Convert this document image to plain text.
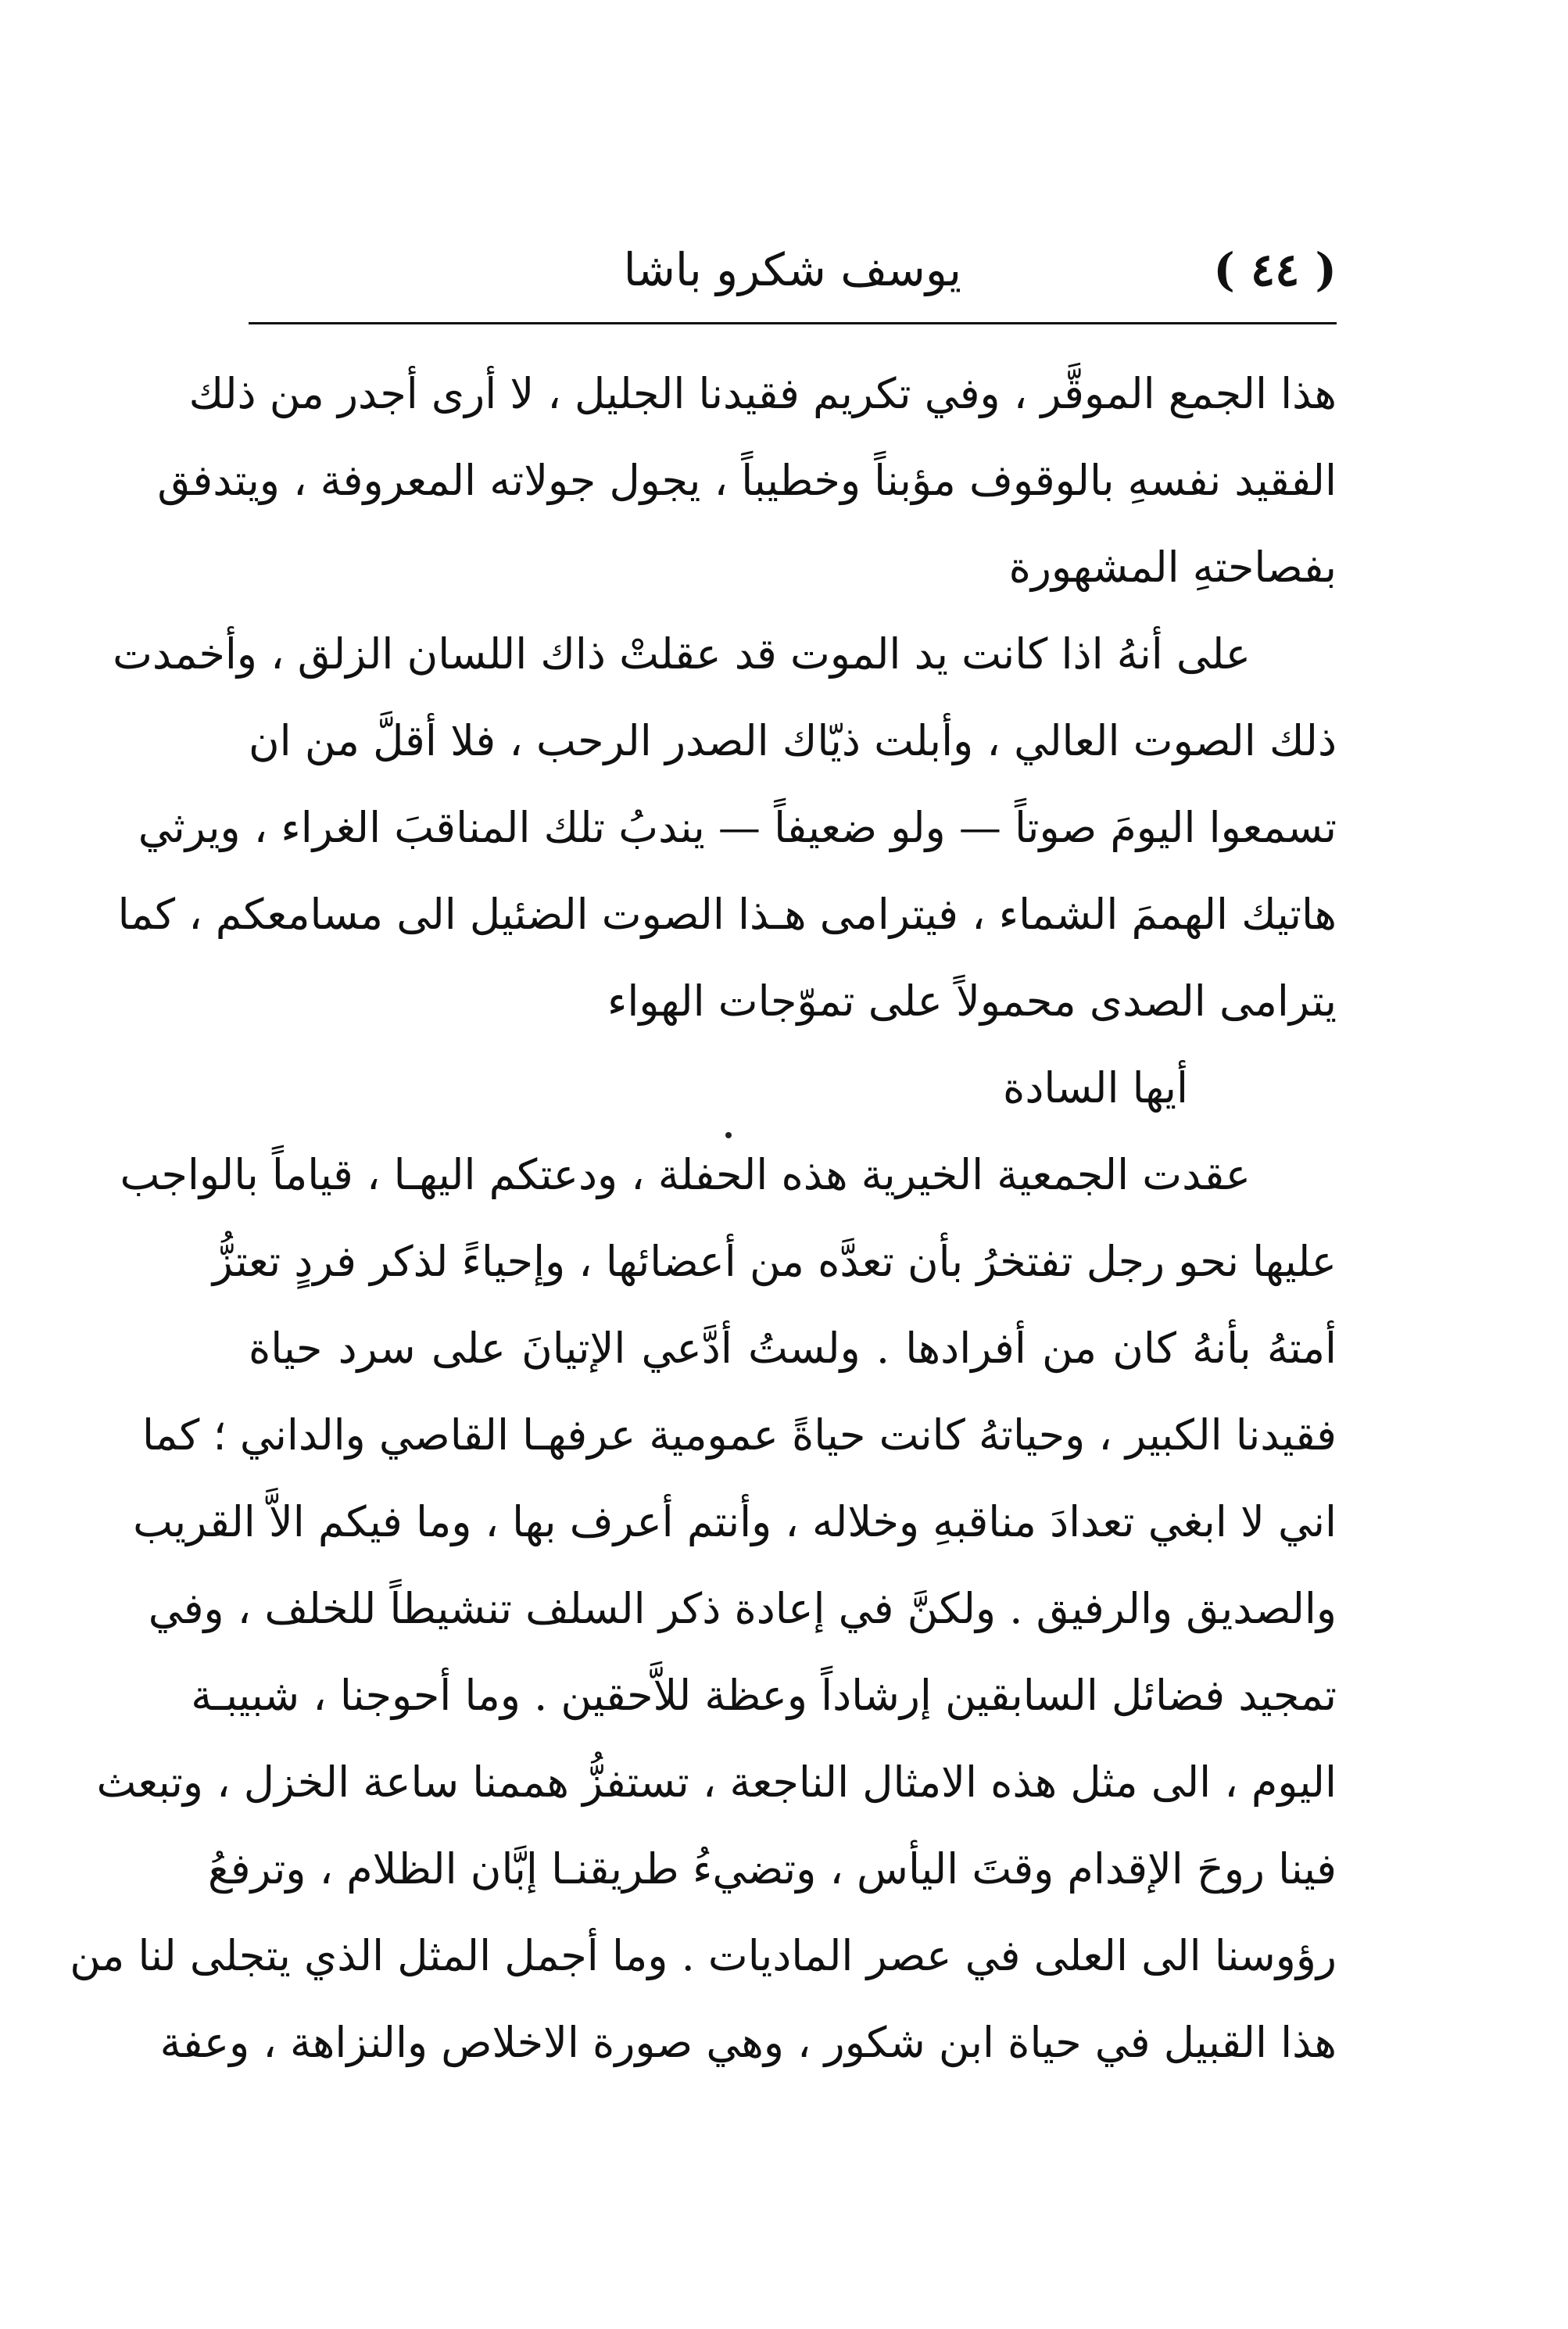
( ٤٤ )
يوسف شكرو باشا
هذا الجمع الموقَّر ، وفي تكريم فقيدنا الجليل ، لا أرى أجدر من ذلك
الفقيد نفسهِ بالوقوف مؤبناً وخطيباً ، يجول جولاته المعروفة ، ويتدفق
بفصاحتهِ المشهورة
على أنهُ اذا كانت يد الموت قد عقلتْ ذاك اللسان الزلق ، وأخمدت
ذلك الصوت العالي ، وأبلت ذيّاك الصدر الرحب ، فلا أقلَّ من ان
تسمعوا اليومَ صوتاً — ولو ضعيفاً — يندبُ تلك المناقبَ الغراء ، ويرثي
هاتيك الهممَ الشماء ، فيترامى هـذا الصوت الضئيل الى مسامعكم ، كما
يترامى الصدى محمولاً على تموّجات الهواء
أيها السادة
عقدت الجمعية الخيرية هذه الحفلة ، ودعتكم اليهـا ، قياماً بالواجب
عليها نحو رجل تفتخرُ بأن تعدَّه من أعضائها ، وإحياءً لذكر فردٍ تعتزُّ
أمتهُ بأنهُ كان من أفرادها . ولستُ أدَّعي الإتيانَ على سرد حياة
فقيدنا الكبير ، وحياتهُ كانت حياةً عمومية عرفهـا القاصي والداني ؛ كما
اني لا ابغي تعدادَ مناقبهِ وخلاله ، وأنتم أعرف بها ، وما فيكم الاَّ القريب
والصديق والرفيق . ولكنَّ في إعادة ذكر السلف تنشيطاً للخلف ، وفي
تمجيد فضائل السابقين إرشاداً وعظة للاَّحقين . وما أحوجنا ، شبيبـة
اليوم ، الى مثل هذه الامثال الناجعة ، تستفزُّ هممنا ساعة الخزل ، وتبعث
فينا روحَ الإقدام وقتَ اليأس ، وتضيءُ طريقنـا إبَّان الظلام ، وترفعُ
رؤوسنا الى العلى في عصر الماديات . وما أجمل المثل الذي يتجلى لنا من
هذا القبيل في حياة ابن شكور ، وهي صورة الاخلاص والنزاهة ، وعفة
